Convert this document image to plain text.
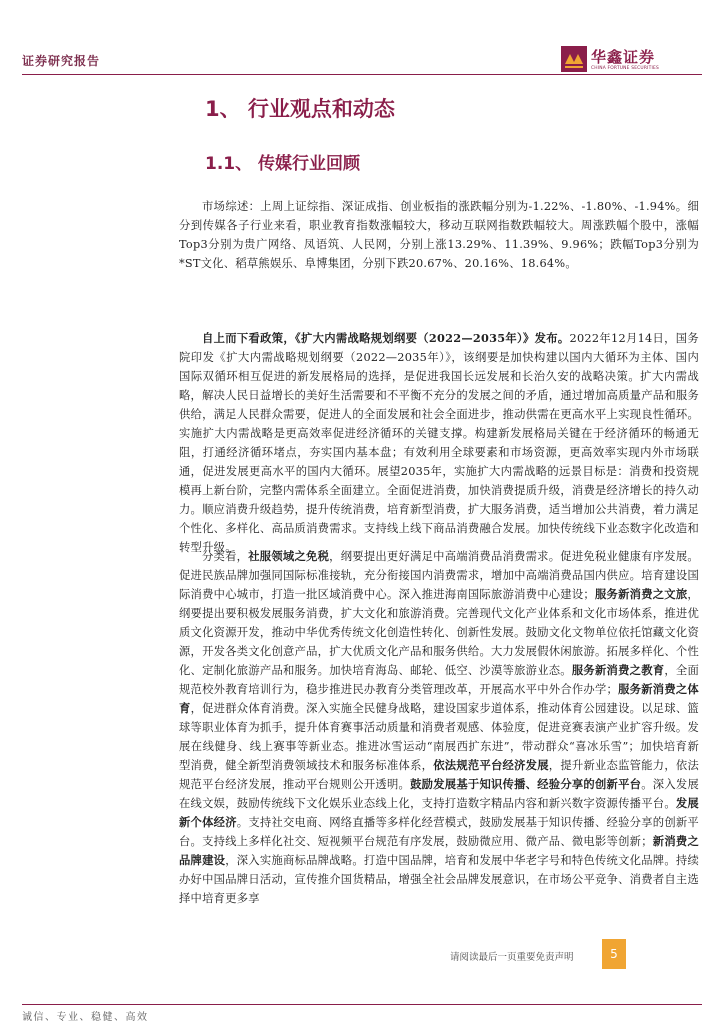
证券研究报告	华鑫证券
CHINA FORTUNE SECURITIES
1、 行业观点和动态
1.1、 传媒行业回顾

市场综述：上周上证综指、深证成指、创业板指的涨跌幅分别为-1.22%、-1.80%、-1.94%。细分到传媒各子行业来看，职业教育指数涨幅较大，移动互联网指数跌幅较大。周涨跌幅个股中，涨幅Top3分别为贵广网络、凤语筑、人民网，分别上涨13.29%、11.39%、9.96%；跌幅Top3分别为*ST文化、稻草熊娱乐、阜博集团，分别下跌20.67%、20.16%、18.64%。

自上而下看政策，《扩大内需战略规划纲要（2022—2035年）》发布。2022年12月14日，国务院印发《扩大内需战略规划纲要（2022—2035年）》，该纲要是加快构建以国内大循环为主体、国内国际双循环相互促进的新发展格局的选择，是促进我国长远发展和长治久安的战略决策。扩大内需战略，解决人民日益增长的美好生活需要和不平衡不充分的发展之间的矛盾，通过增加高质量产品和服务供给，满足人民群众需要，促进人的全面发展和社会全面进步，推动供需在更高水平上实现良性循环。实施扩大内需战略是更高效率促进经济循环的关键支撑。构建新发展格局关键在于经济循环的畅通无阻，打通经济循环堵点，夯实国内基本盘；有效利用全球要素和市场资源，更高效率实现内外市场联通，促进发展更高水平的国内大循环。展望2035年，实施扩大内需战略的远景目标是：消费和投资规模再上新台阶，完整内需体系全面建立。全面促进消费，加快消费提质升级，消费是经济增长的持久动力。顺应消费升级趋势，提升传统消费，培育新型消费，扩大服务消费，适当增加公共消费，着力满足个性化、多样化、高品质消费需求。支持线上线下商品消费融合发展。加快传统线下业态数字化改造和转型升级。

分类看，社服领域之免税，纲要提出更好满足中高端消费品消费需求。促进免税业健康有序发展。促进民族品牌加强同国际标准接轨，充分衔接国内消费需求，增加中高端消费品国内供应。培育建设国际消费中心城市，打造一批区域消费中心。深入推进海南国际旅游消费中心建设；服务新消费之文旅，纲要提出要积极发展服务消费，扩大文化和旅游消费。完善现代文化产业体系和文化市场体系，推进优质文化资源开发，推动中华优秀传统文化创造性转化、创新性发展。鼓励文化文物单位依托馆藏文化资源，开发各类文化创意产品，扩大优质文化产品和服务供给。大力发展假休闲旅游。拓展多样化、个性化、定制化旅游产品和服务。加快培育海岛、邮轮、低空、沙漠等旅游业态。服务新消费之教育，全面规范校外教育培训行为，稳步推进民办教育分类管理改革，开展高水平中外合作办学；服务新消费之体育，促进群众体育消费。深入实施全民健身战略，建设国家步道体系，推动体育公园建设。以足球、篮球等职业体育为抓手，提升体育赛事活动质量和消费者观感、体验度，促进竞赛表演产业扩容升级。发展在线健身、线上赛事等新业态。推进冰雪运动“南展西扩东进”，带动群众“喜冰乐雪”；加快培育新型消费，健全新型消费领域技术和服务标准体系，依法规范平台经济发展，提升新业态监管能力，依法规范平台经济发展，推动平台规则公开透明。鼓励发展基于知识传播、经验分享的创新平台。深入发展在线文娱，鼓励传统线下文化娱乐业态线上化，支持打造数字精品内容和新兴数字资源传播平台。发展新个体经济。支持社交电商、网络直播等多样化经营模式，鼓励发展基于知识传播、经验分享的创新平台。支持线上多样化社交、短视频平台规范有序发展，鼓励微应用、微产品、微电影等创新；新消费之品牌建设，深入实施商标品牌战略。打造中国品牌，培育和发展中华老字号和特色传统文化品牌。持续办好中国品牌日活动，宣传推介国货精品，增强全社会品牌发展意识，在市场公平竞争、消费者自主选择中培育更多享

请阅读最后一页重要免责声明	5
诚信、专业、稳健、高效
